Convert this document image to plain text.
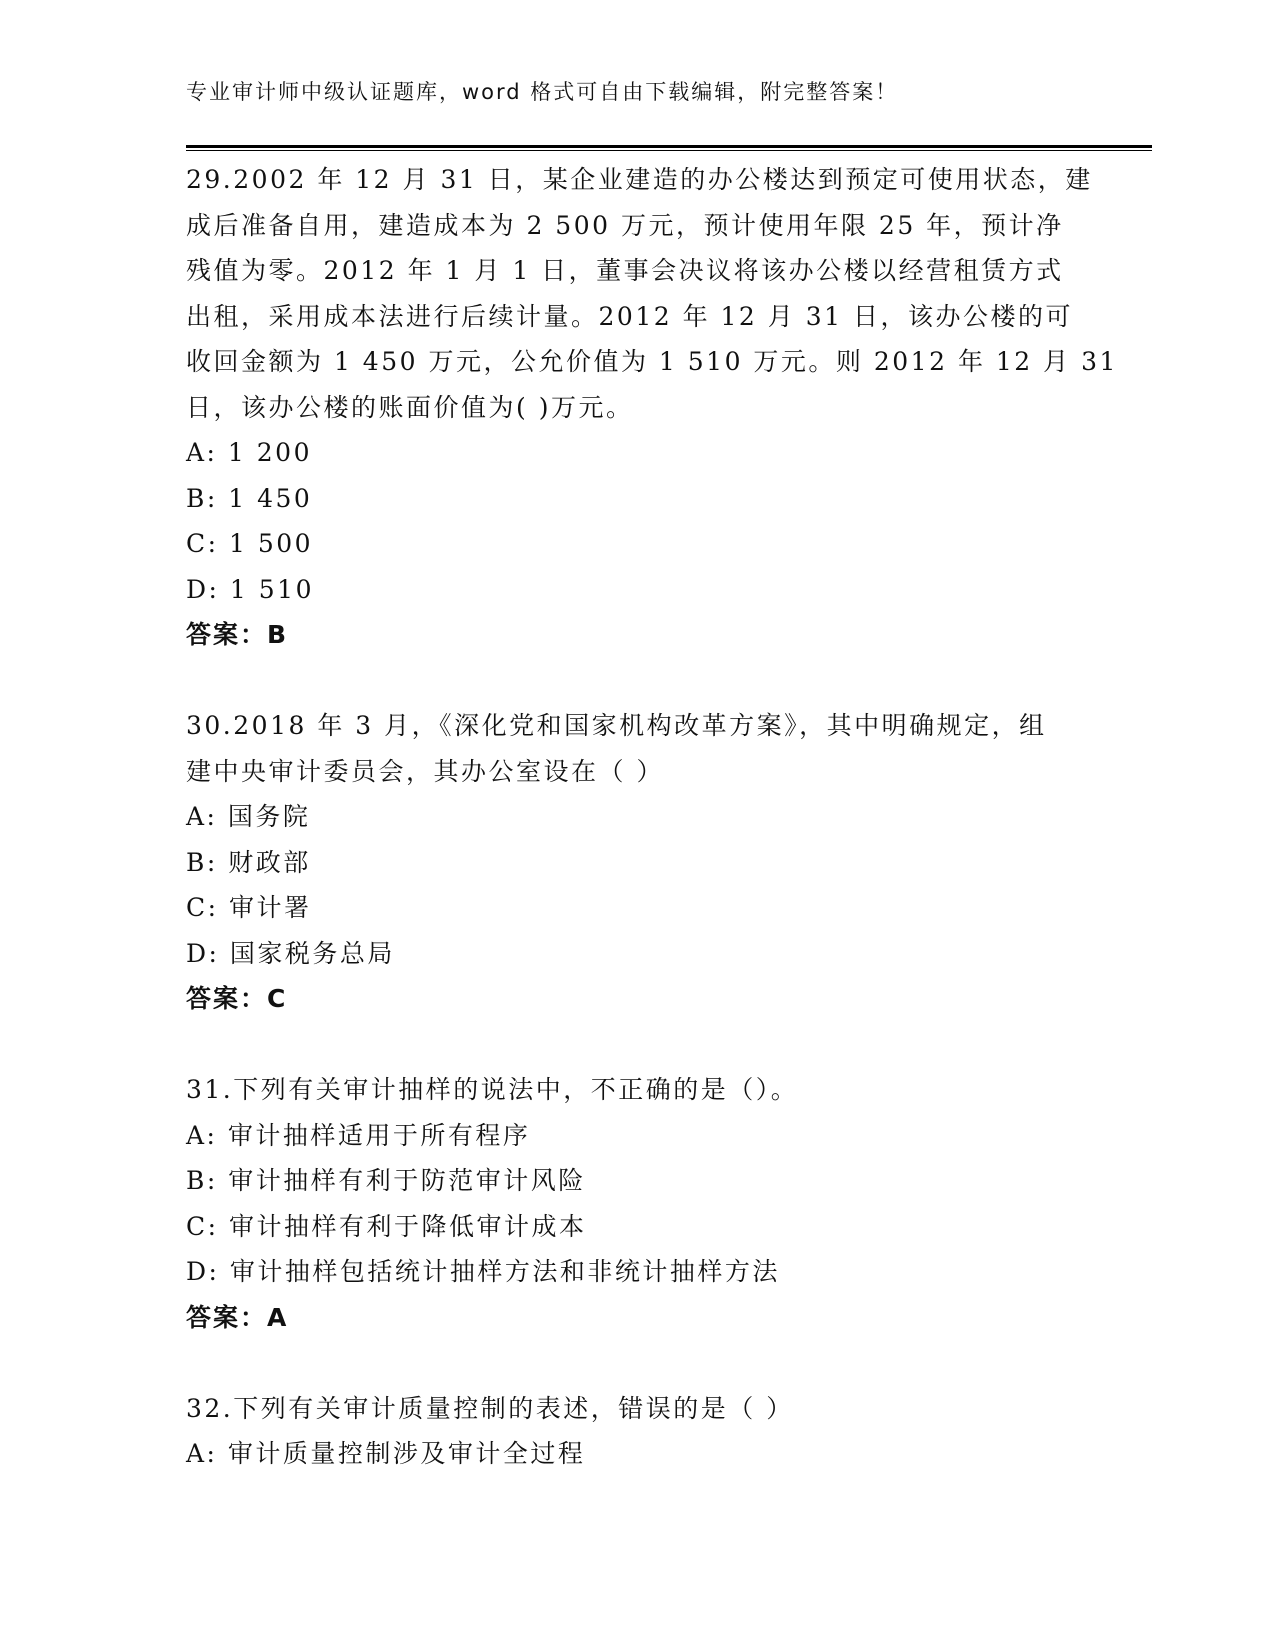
专业审计师中级认证题库，word 格式可自由下载编辑，附完整答案！
29.2002 年 12 月 31 日，某企业建造的办公楼达到预定可使用状态，建
成后准备自用，建造成本为 2 500 万元，预计使用年限 25 年，预计净
残值为零。2012 年 1 月 1 日，董事会决议将该办公楼以经营租赁方式
出租，采用成本法进行后续计量。2012 年 12 月 31 日，该办公楼的可
收回金额为 1 450 万元，公允价值为 1 510 万元。则 2012 年 12 月 31
日，该办公楼的账面价值为( )万元。
A: 1 200
B: 1 450
C: 1 500
D: 1 510
答案：B
30.2018 年 3 月，《深化党和国家机构改革方案》，其中明确规定，组
建中央审计委员会，其办公室设在（ ）
A: 国务院
B: 财政部
C: 审计署
D: 国家税务总局
答案：C
31.下列有关审计抽样的说法中，不正确的是（）。
A: 审计抽样适用于所有程序
B: 审计抽样有利于防范审计风险
C: 审计抽样有利于降低审计成本
D: 审计抽样包括统计抽样方法和非统计抽样方法
答案：A
32.下列有关审计质量控制的表述，错误的是（ ）
A: 审计质量控制涉及审计全过程
